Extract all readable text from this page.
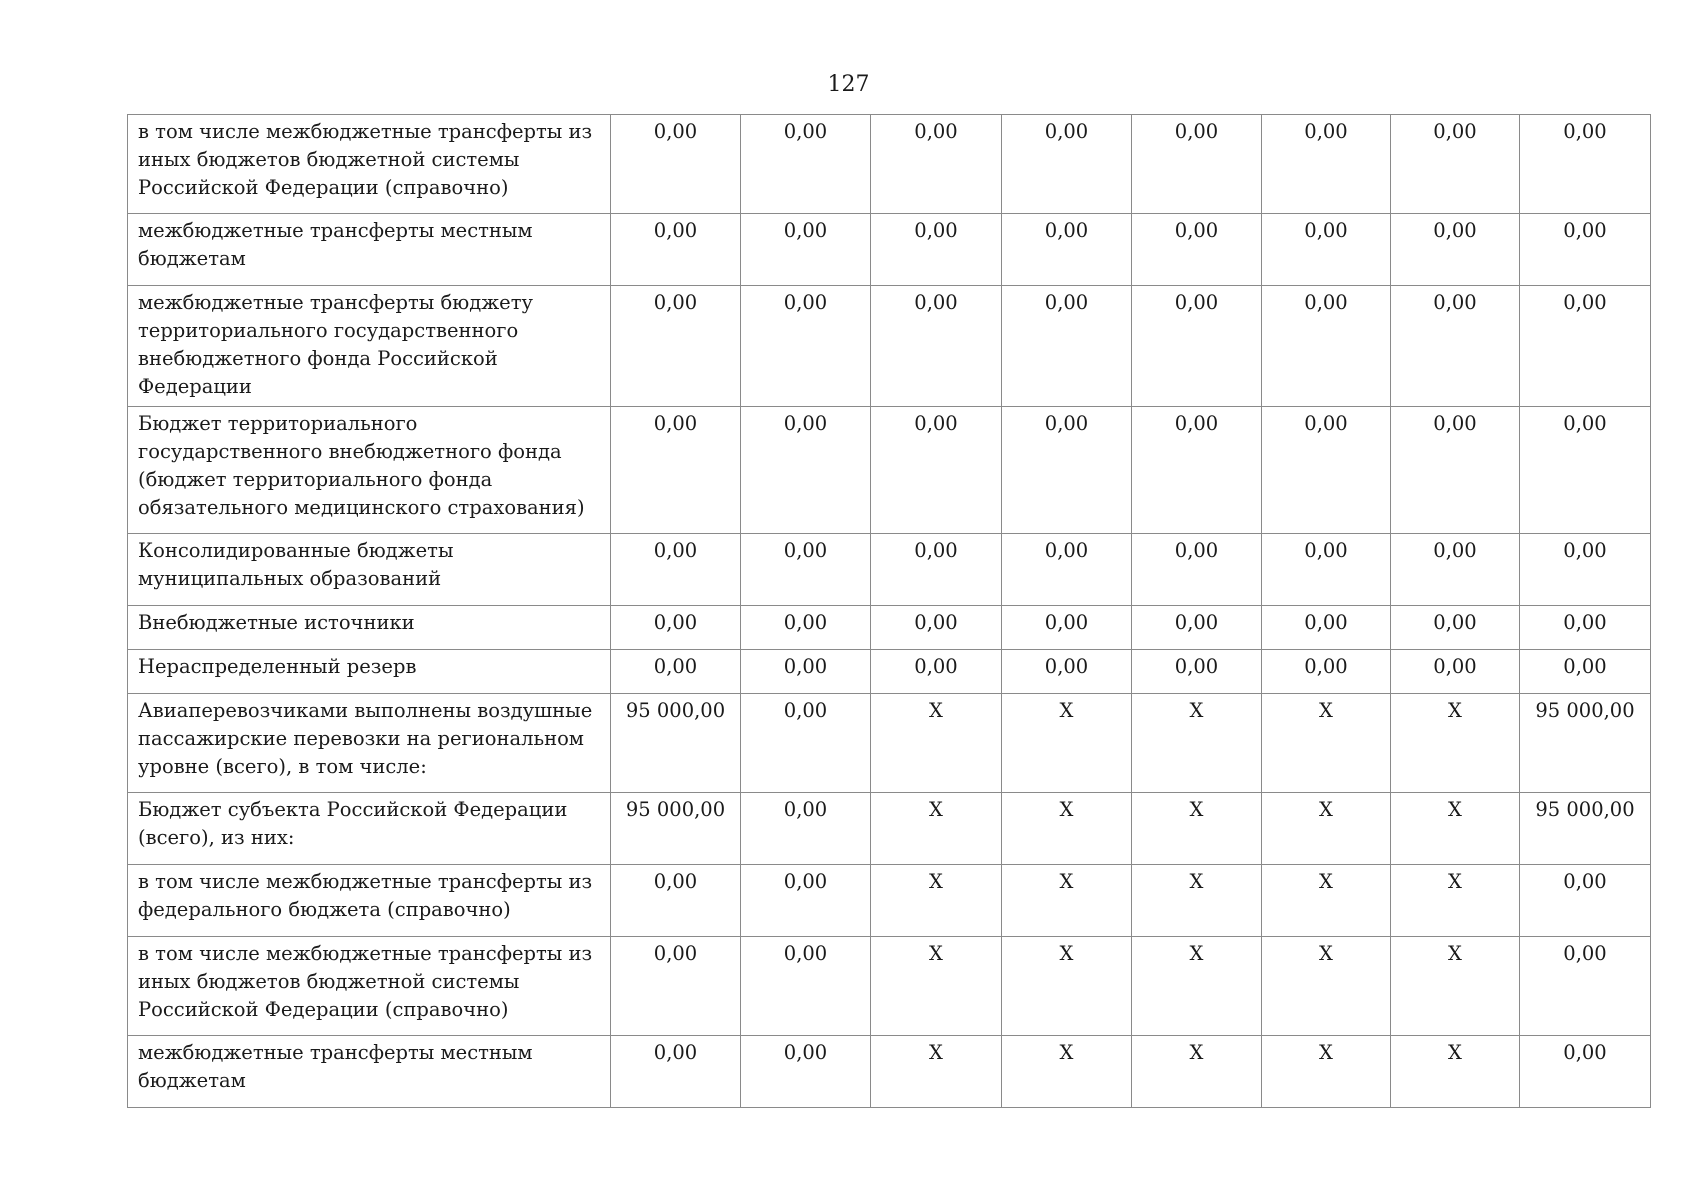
127
в том числе межбюджетные трансферты из иных бюджетов бюджетной системы Российской Федерации (справочно)	0,00	0,00	0,00	0,00	0,00	0,00	0,00	0,00
межбюджетные трансферты местным бюджетам	0,00	0,00	0,00	0,00	0,00	0,00	0,00	0,00
межбюджетные трансферты бюджету территориального государственного внебюджетного фонда Российской Федерации	0,00	0,00	0,00	0,00	0,00	0,00	0,00	0,00
Бюджет территориального государственного внебюджетного фонда (бюджет территориального фонда обязательного медицинского страхования)	0,00	0,00	0,00	0,00	0,00	0,00	0,00	0,00
Консолидированные бюджеты муниципальных образований	0,00	0,00	0,00	0,00	0,00	0,00	0,00	0,00
Внебюджетные источники	0,00	0,00	0,00	0,00	0,00	0,00	0,00	0,00
Нераспределенный резерв	0,00	0,00	0,00	0,00	0,00	0,00	0,00	0,00
Авиаперевозчиками выполнены воздушные пассажирские перевозки на региональном уровне (всего), в том числе:	95 000,00	0,00	X	X	X	X	X	95 000,00
Бюджет субъекта Российской Федерации (всего), из них:	95 000,00	0,00	X	X	X	X	X	95 000,00
в том числе межбюджетные трансферты из федерального бюджета (справочно)	0,00	0,00	X	X	X	X	X	0,00
в том числе межбюджетные трансферты из иных бюджетов бюджетной системы Российской Федерации (справочно)	0,00	0,00	X	X	X	X	X	0,00
межбюджетные трансферты местным бюджетам	0,00	0,00	X	X	X	X	X	0,00
